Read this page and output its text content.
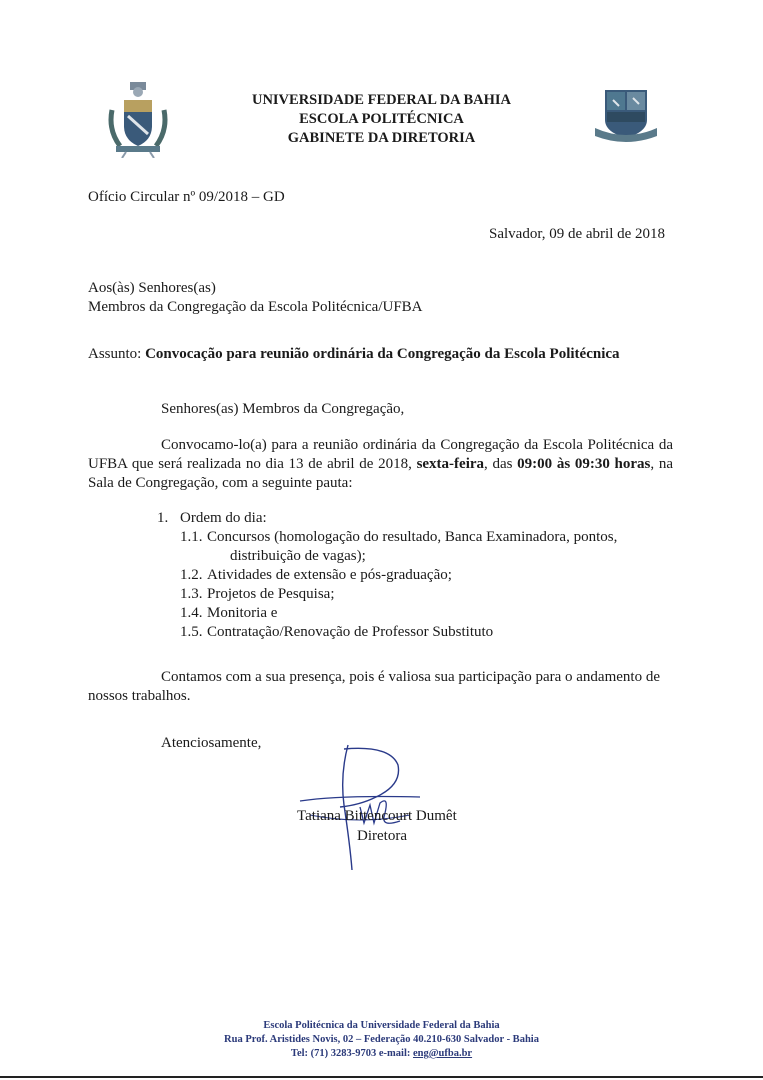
UNIVERSIDADE FEDERAL DA BAHIA
ESCOLA POLITÉCNICA
GABINETE DA DIRETORIA
Ofício Circular nº 09/2018 – GD
Salvador, 09 de abril de 2018
Aos(às) Senhores(as)
Membros da Congregação da Escola Politécnica/UFBA
Assunto: Convocação para reunião ordinária da Congregação da Escola Politécnica
Senhores(as) Membros da Congregação,
Convocamo-lo(a) para a reunião ordinária da Congregação da Escola Politécnica da UFBA que será realizada no dia 13 de abril de 2018, sexta-feira, das 09:00 às 09:30 horas, na Sala de Congregação, com a seguinte pauta:
1. Ordem do dia:
1.1. Concursos (homologação do resultado, Banca Examinadora, pontos,
distribuição de vagas);
1.2. Atividades de extensão e pós-graduação;
1.3. Projetos de Pesquisa;
1.4. Monitoria e
1.5. Contratação/Renovação de Professor Substituto
Contamos com a sua presença, pois é valiosa sua participação para o andamento de nossos trabalhos.
Atenciosamente,
Tatiana Bittencourt Dumêt
Diretora
Escola Politécnica da Universidade Federal da Bahia
Rua Prof. Aristides Novis, 02 – Federação 40.210-630 Salvador - Bahia
Tel: (71) 3283-9703 e-mail: eng@ufba.br
